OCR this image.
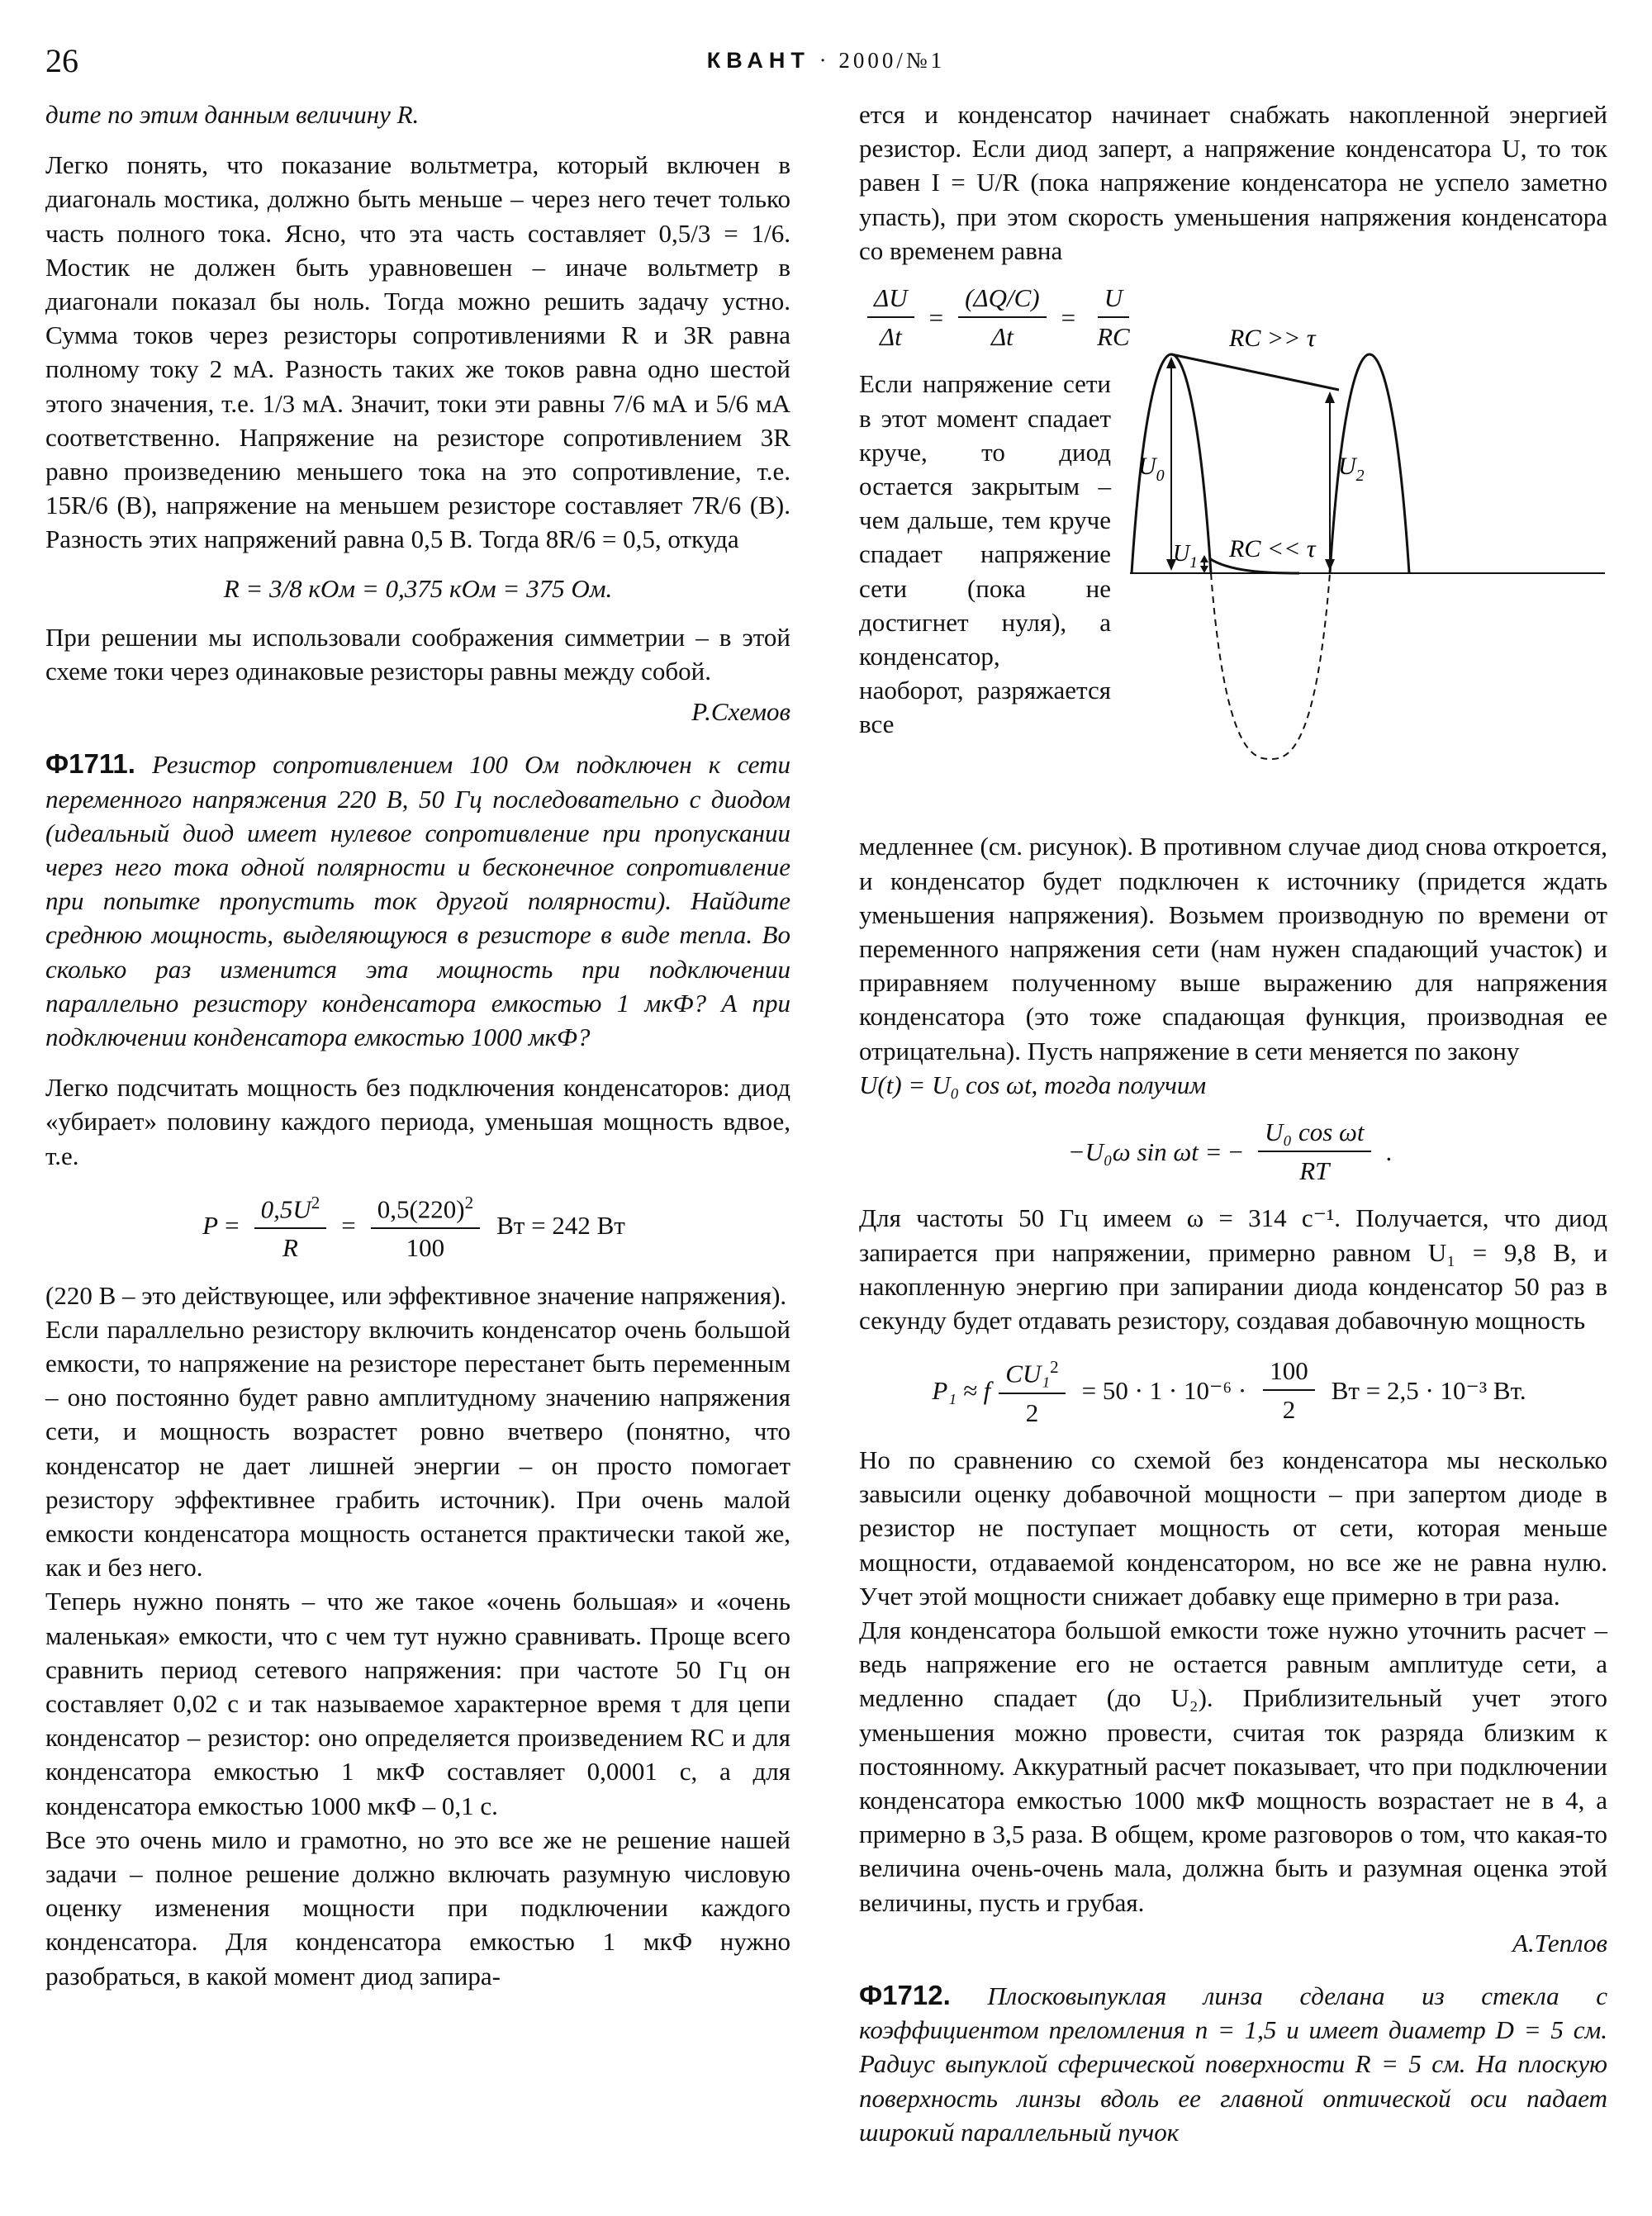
26	КВАНТ · 2000/№1

дите по этим данным величину R.

Легко понять, что показание вольтметра, который включен в диагональ мостика, должно быть меньше – через него течет только часть полного тока. Ясно, что эта часть составляет 0,5/3 = 1/6. Мостик не должен быть уравновешен – иначе вольтметр в диагонали показал бы ноль. Тогда можно решить задачу устно. Сумма токов через резисторы сопротивлениями R и 3R равна полному току 2 мА. Разность таких же токов равна одно шестой этого значения, т.е. 1/3 мА. Значит, токи эти равны 7/6 мА и 5/6 мА соответственно. Напряжение на резисторе сопротивлением 3R равно произведению меньшего тока на это сопротивление, т.е. 15R/6 (В), напряжение на меньшем резисторе составляет 7R/6 (В). Разность этих напряжений равна 0,5 В. Тогда 8R/6 = 0,5, откуда

R = 3/8 кОм = 0,375 кОм = 375 Ом.

При решении мы использовали соображения симметрии – в этой схеме токи через одинаковые резисторы равны между собой.

Р.Схемов

Ф1711. Резистор сопротивлением 100 Ом подключен к сети переменного напряжения 220 В, 50 Гц последовательно с диодом (идеальный диод имеет нулевое сопротивление при пропускании через него тока одной полярности и бесконечное сопротивление при попытке пропустить ток другой полярности). Найдите среднюю мощность, выделяющуюся в резисторе в виде тепла. Во сколько раз изменится эта мощность при подключении параллельно резистору конденсатора емкостью 1 мкФ? А при подключении конденсатора емкостью 1000 мкФ?

Легко подсчитать мощность без подключения конденсаторов: диод «убирает» половину каждого периода, уменьшая мощность вдвое, т.е.

$P = \frac{0,5U^2}{R} = \frac{0,5(220)^2}{100}$ Вт = 242 Вт

(220 В – это действующее, или эффективное значение напряжения).

Если параллельно резистору включить конденсатор очень большой емкости, то напряжение на резисторе перестанет быть переменным – оно постоянно будет равно амплитудному значению напряжения сети, и мощность возрастет ровно вчетверо (понятно, что конденсатор не дает лишней энергии – он просто помогает резистору эффективнее грабить источник). При очень малой емкости конденсатора мощность останется практически такой же, как и без него.

Теперь нужно понять – что же такое «очень большая» и «очень маленькая» емкости, что с чем тут нужно сравнивать. Проще всего сравнить период сетевого напряжения: при частоте 50 Гц он составляет 0,02 с и так называемое характерное время τ для цепи конденсатор – резистор: оно определяется произведением RC и для конденсатора емкостью 1 мкФ составляет 0,0001 с, а для конденсатора емкостью 1000 мкФ – 0,1 с.

Все это очень мило и грамотно, но это все же не решение нашей задачи – полное решение должно включать разумную числовую оценку изменения мощности при подключении каждого конденсатора. Для конденсатора емкостью 1 мкФ нужно разобраться, в какой момент диод запира-

ется и конденсатор начинает снабжать накопленной энергией резистор. Если диод заперт, а напряжение конденсатора U, то ток равен I = U/R (пока напряжение конденсатора не успело заметно упасть), при этом скорость уменьшения напряжения конденсатора со временем равна

$\frac{\Delta U}{\Delta t} = \frac{(\Delta Q/C)}{\Delta t} = \frac{U}{RC}$

Если напряжение сети в этот момент спадает круче, то диод остается закрытым – чем дальше, тем круче спадает напряжение сети (пока не достигнет нуля), а конденсатор, наоборот, разряжается все

RC >> τ
RC << τ
$U_0$
$U_1$
$U_2$

медленнее (см. рисунок). В противном случае диод снова откроется, и конденсатор будет подключен к источнику (придется ждать уменьшения напряжения). Возьмем производную по времени от переменного напряжения сети (нам нужен спадающий участок) и приравняем полученному выше выражению для напряжения конденсатора (это тоже спадающая функция, производная ее отрицательна). Пусть напряжение в сети меняется по закону

U(t) = U₀ cos ωt, тогда получим

−U₀ω sin ωt = − $\frac{\text{U₀ cos ωt}}{RT}$ .

Для частоты 50 Гц имеем ω = 314 с⁻¹. Получается, что диод запирается при напряжении, примерно равном U₁ = 9,8 В, и накопленную энергию при запирании диода конденсатор 50 раз в секунду будет отдавать резистору, создавая добавочную мощность

P₁ ≈ f $\frac{CU_1^2}{2} = 50 \cdot 1 \cdot 10^{-6} \cdot \frac{100}{2}$ Вт = 2,5 · 10⁻³ Вт.

Но по сравнению со схемой без конденсатора мы несколько завысили оценку добавочной мощности – при запертом диоде в резистор не поступает мощность от сети, которая меньше мощности, отдаваемой конденсатором, но все же не равна нулю. Учет этой мощности снижает добавку еще примерно в три раза.

Для конденсатора большой емкости тоже нужно уточнить расчет – ведь напряжение его не остается равным амплитуде сети, а медленно спадает (до U₂). Приблизительный учет этого уменьшения можно провести, считая ток разряда близким к постоянному. Аккуратный расчет показывает, что при подключении конденсатора емкостью 1000 мкФ мощность возрастает не в 4, а примерно в 3,5 раза. В общем, кроме разговоров о том, что какая-то величина очень-очень мала, должна быть и разумная оценка этой величины, пусть и грубая.

А.Теплов

Ф1712. Плосковыпуклая линза сделана из стекла с коэффициентом преломления n = 1,5 и имеет диаметр D = 5 см. Радиус выпуклой сферической поверхности R = 5 см. На плоскую поверхность линзы вдоль ее главной оптической оси падает широкий параллельный пучок
